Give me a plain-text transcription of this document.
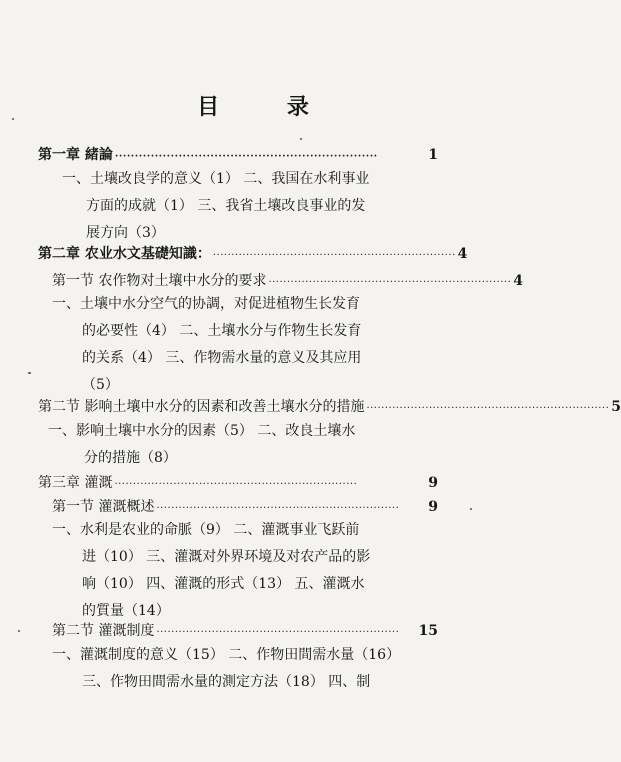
目 录
第一章 緒論 ··································································	1
一、土壤改良学的意义（1） 二、我国在水利事业
方面的成就（1） 三、我省土壤改良事业的发
展方向（3）
第二章 农业水文基礎知識： ·································································· 4
第一节 农作物对土壤中水分的要求 ·································································· 4
一、土壤中水分空气的协調，对促进植物生长发育
的必要性（4） 二、土壤水分与作物生长发育
的关系（4） 三、作物需水量的意义及其应用
（5）
第二节 影响土壤中水分的因素和改善土壤水分的措施 ·································································· 5
一、影响土壤中水分的因素（5） 二、改良土壤水
分的措施（8）
第三章 灌溉 ··································································	9
第一节 灌溉概述 ··································································	9
一、水利是农业的命脈（9） 二、灌溉事业飞跃前
进（10） 三、灌溉对外界环境及对农产品的影
响（10） 四、灌溉的形式（13） 五、灌溉水
的質量（14）
第二节 灌溉制度 ··································································	15
一、灌溉制度的意义（15） 二、作物田間需水量（16）
三、作物田間需水量的測定方法（18） 四、制
